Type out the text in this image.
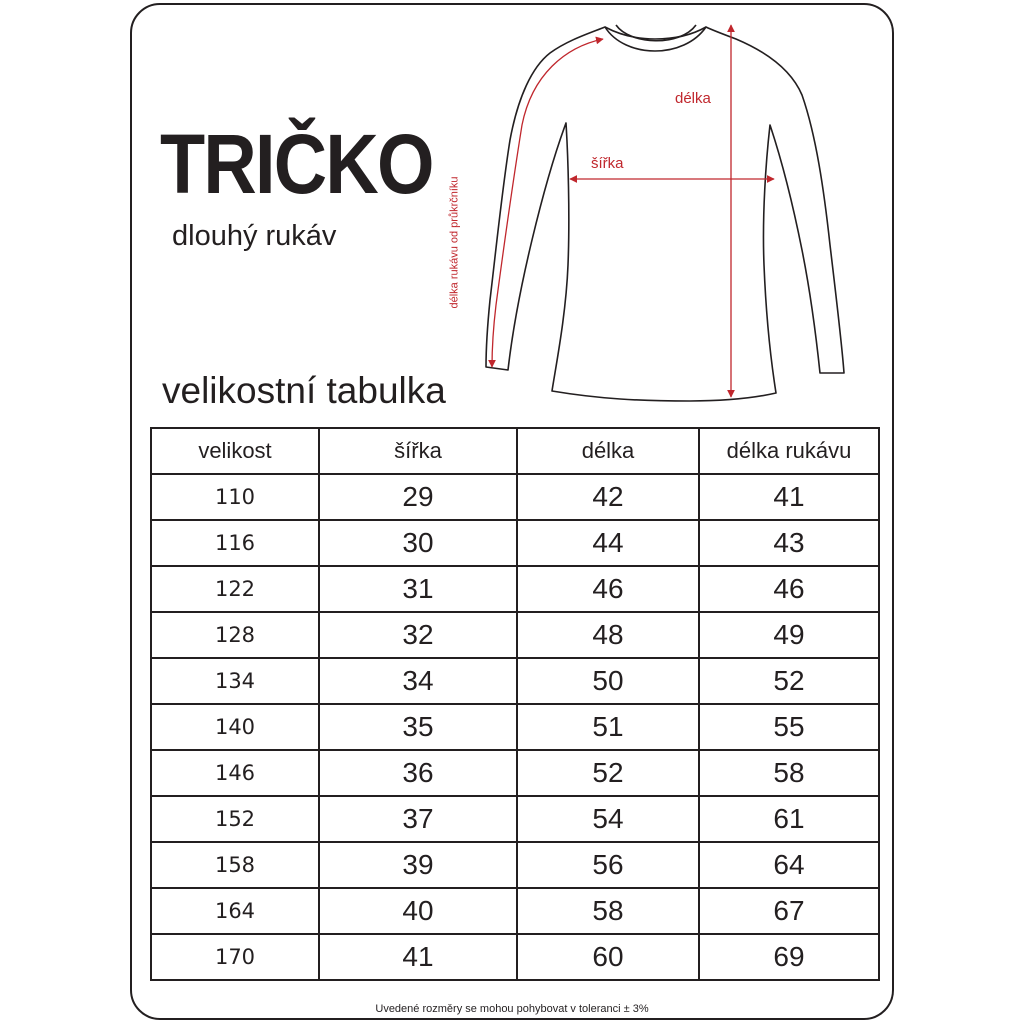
TRIČKO
dlouhý rukáv
délka
šířka
délka rukávu od průkrčníku
velikostní tabulka
velikost	šířka	délka	délka rukávu
110	29	42	41
116	30	44	43
122	31	46	46
128	32	48	49
134	34	50	52
140	35	51	55
146	36	52	58
152	37	54	61
158	39	56	64
164	40	58	67
170	41	60	69
Uvedené rozměry se mohou pohybovat v toleranci ± 3%
